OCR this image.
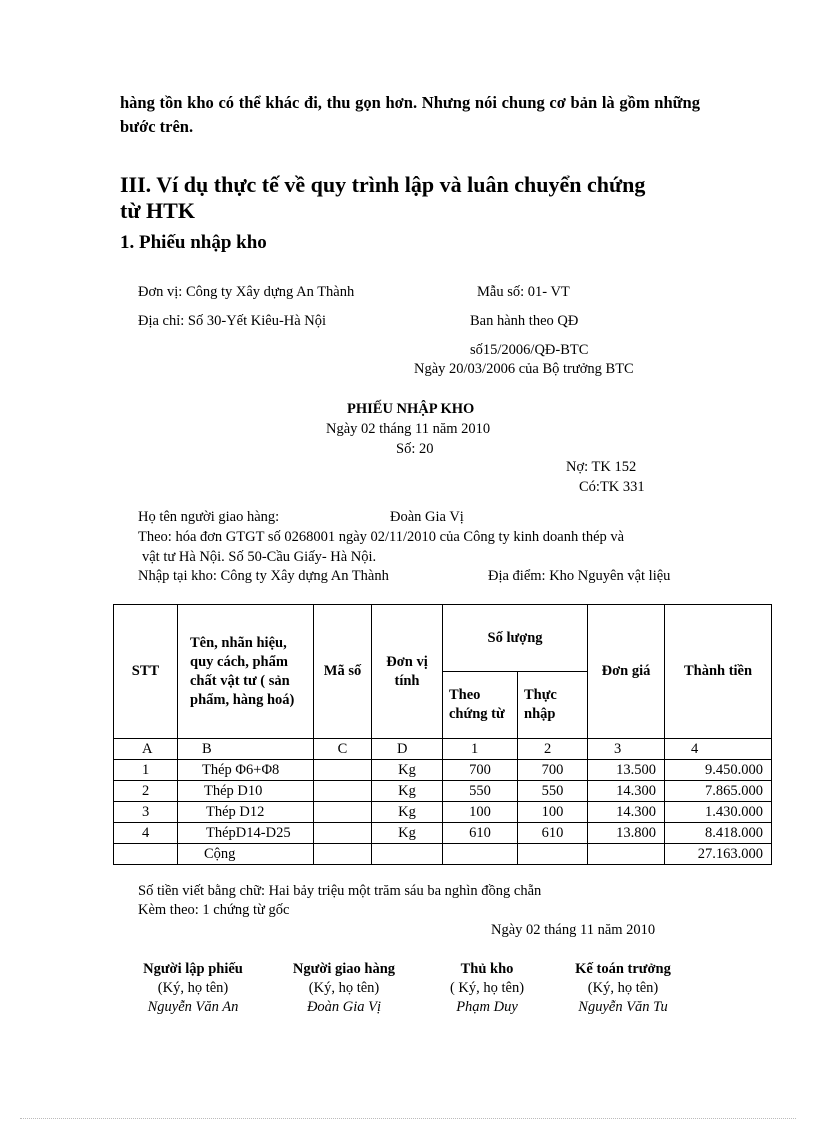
hàng tồn kho có thể khác đi, thu gọn hơn. Nhưng nói chung cơ bản là gồm những bước trên.

III. Ví dụ thực tế về quy trình lập và luân chuyển chứng
từ HTK
1. Phiếu nhập kho
Đơn vị: Công ty Xây dựng An Thành
Địa chỉ: Số 30-Yết Kiêu-Hà Nội
Mẫu số: 01- VT
Ban hành theo QĐ
số15/2006/QĐ-BTC
Ngày 20/03/2006 của Bộ trưởng BTC
PHIẾU NHẬP KHO
Ngày 02 tháng 11 năm 2010
Số: 20
Nợ: TK 152
Có:TK 331
Họ tên người giao hàng:	Đoàn Gia Vị
Theo: hóa đơn GTGT số 0268001 ngày 02/11/2010 của Công ty kinh doanh thép và
vật tư Hà Nội. Số 50-Cầu Giấy- Hà Nội.
Nhập tại kho: Công ty Xây dựng An Thành	Địa điểm: Kho Nguyên vật liệu
STT	Tên, nhãn hiệu, quy cách, phẩm chất vật tư ( sản phẩm, hàng hoá)	Mã số	Đơn vị tính	Số lượng		Đơn giá	Thành tiền
				Theo chứng từ	Thực nhập		
A	B	C	D	1	2	3	4
1	Thép Φ6+Φ8		Kg	700	700	13.500	9.450.000
2	Thép D10		Kg	550	550	14.300	7.865.000
3	Thép D12		Kg	100	100	14.300	1.430.000
4	ThépD14-D25		Kg	610	610	13.800	8.418.000
	Cộng						27.163.000
Số tiền viết bằng chữ: Hai bảy triệu một trăm sáu ba nghìn đồng chẵn
Kèm theo: 1 chứng từ gốc
Ngày 02 tháng 11 năm 2010
Người lập phiếu
(Ký, họ tên)
Nguyễn Văn An
Người giao hàng
(Ký, họ tên)
Đoàn Gia Vị
Thủ kho
( Ký, họ tên)
Phạm Duy
Kế toán trưởng
(Ký, họ tên)
Nguyễn Văn Tu
